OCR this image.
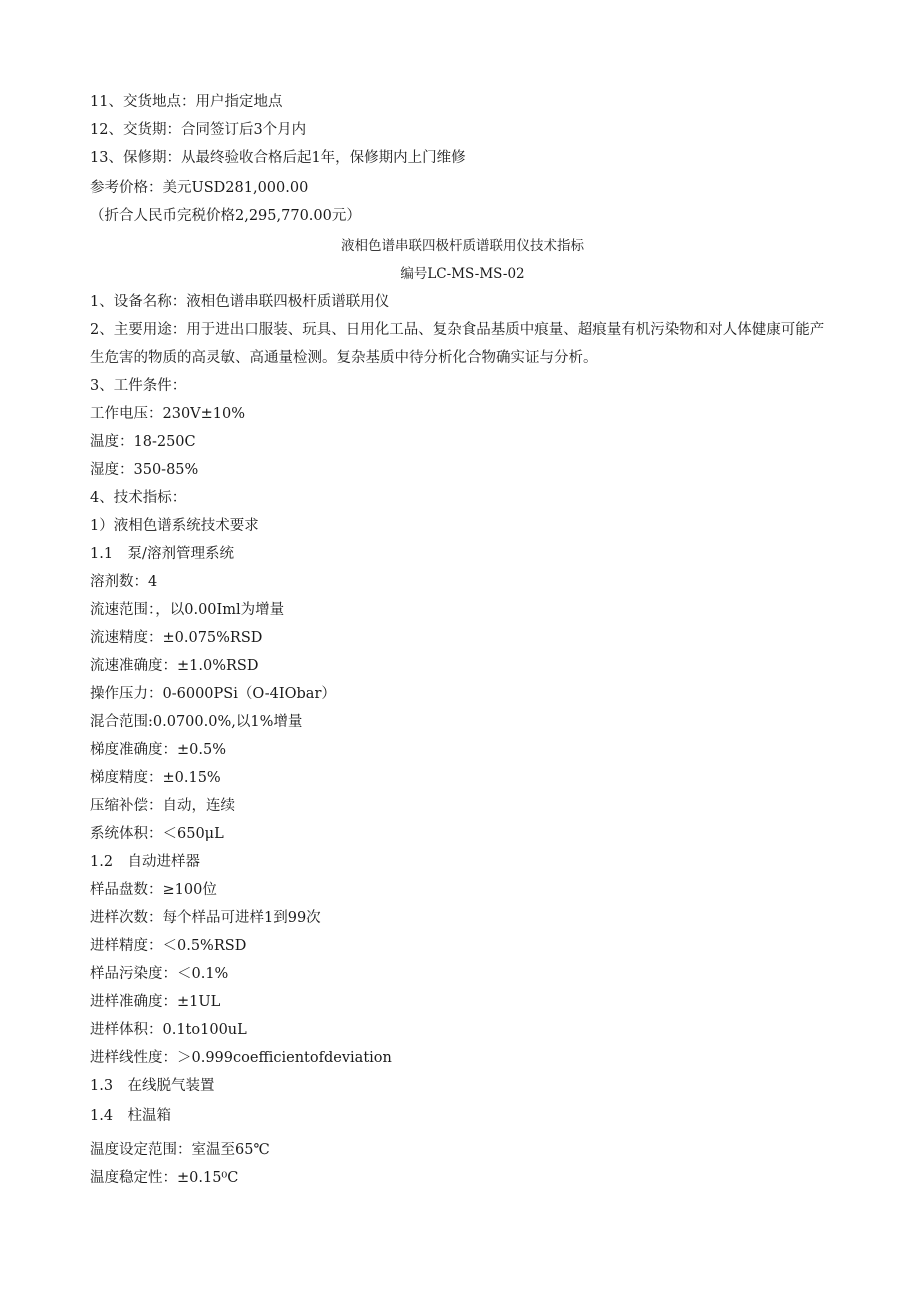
11、交货地点：用户指定地点
12、交货期：合同签订后3个月内
13、保修期：从最终验收合格后起1年，保修期内上门维修
参考价格：美元USD281,000.00
（折合人民币完税价格2,295,770.00元）
液相色谱串联四极杆质谱联用仪技术指标
编号LC-MS-MS-02
1、设备名称：液相色谱串联四极杆质谱联用仪
2、主要用途：用于进出口服装、玩具、日用化工品、复杂食品基质中痕量、超痕量有机污染物和对人体健康可能产生危害的物质的高灵敏、高通量检测。复杂基质中待分析化合物确实证与分析。
3、工件条件：
工作电压：230V±10%
温度：18-250C
湿度：350-85%
4、技术指标：
1）液相色谱系统技术要求
1.1　泵/溶剂管理系统
溶剂数：4
流速范围：，以0.00Iml为增量
流速精度：±0.075%RSD
流速准确度：±1.0%RSD
操作压力：0-6000PSi（O-4IObar）
混合范围:0.0700.0%,以1%增量
梯度准确度：±0.5%
梯度精度：±0.15%
压缩补偿：自动，连续
系统体积：＜650μL
1.2　自动进样器
样品盘数：≥100位
进样次数：每个样品可进样1到99次
进样精度：＜0.5%RSD
样品污染度：＜0.1%
进样准确度：±1UL
进样体积：0.1to100uL
进样线性度：＞0.999coefficientofdeviation
1.3　在线脱气装置
1.4　柱温箱
温度设定范围：室温至65℃
温度稳定性：±0.15⁰C
